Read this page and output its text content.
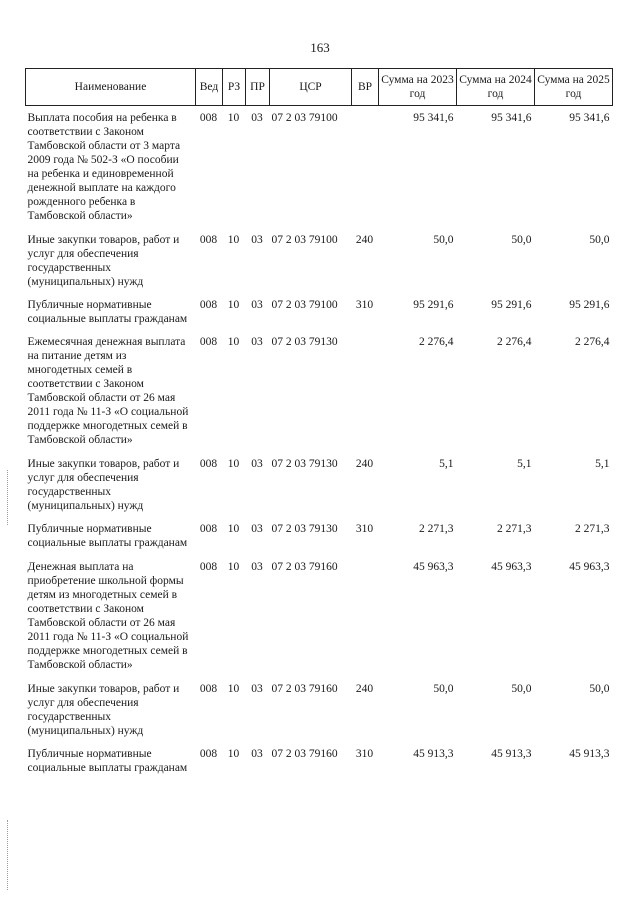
163
Наименование	Вед	РЗ	ПР	ЦСР	ВР	Сумма на 2023 год	Сумма на 2024 год	Сумма на 2025 год
Выплата пособия на ребенка в соответствии с Законом Тамбовской области от 3 марта 2009 года № 502-З «О пособии на ребенка и единовременной денежной выплате на каждого рожденного ребенка в Тамбовской области»	008	10	03	07 2 03 79100		95 341,6	95 341,6	95 341,6
Иные закупки товаров, работ и услуг для обеспечения государственных (муниципальных) нужд	008	10	03	07 2 03 79100	240	50,0	50,0	50,0
Публичные нормативные социальные выплаты гражданам	008	10	03	07 2 03 79100	310	95 291,6	95 291,6	95 291,6
Ежемесячная денежная выплата на питание детям из многодетных семей в соответствии с Законом Тамбовской области от 26 мая 2011 года № 11-З «О социальной поддержке многодетных семей в Тамбовской области»	008	10	03	07 2 03 79130		2 276,4	2 276,4	2 276,4
Иные закупки товаров, работ и услуг для обеспечения государственных (муниципальных) нужд	008	10	03	07 2 03 79130	240	5,1	5,1	5,1
Публичные нормативные социальные выплаты гражданам	008	10	03	07 2 03 79130	310	2 271,3	2 271,3	2 271,3
Денежная выплата на приобретение школьной формы детям из многодетных семей в соответствии с Законом Тамбовской области от 26 мая 2011 года № 11-З «О социальной поддержке многодетных семей в Тамбовской области»	008	10	03	07 2 03 79160		45 963,3	45 963,3	45 963,3
Иные закупки товаров, работ и услуг для обеспечения государственных (муниципальных) нужд	008	10	03	07 2 03 79160	240	50,0	50,0	50,0
Публичные нормативные социальные выплаты гражданам	008	10	03	07 2 03 79160	310	45 913,3	45 913,3	45 913,3
